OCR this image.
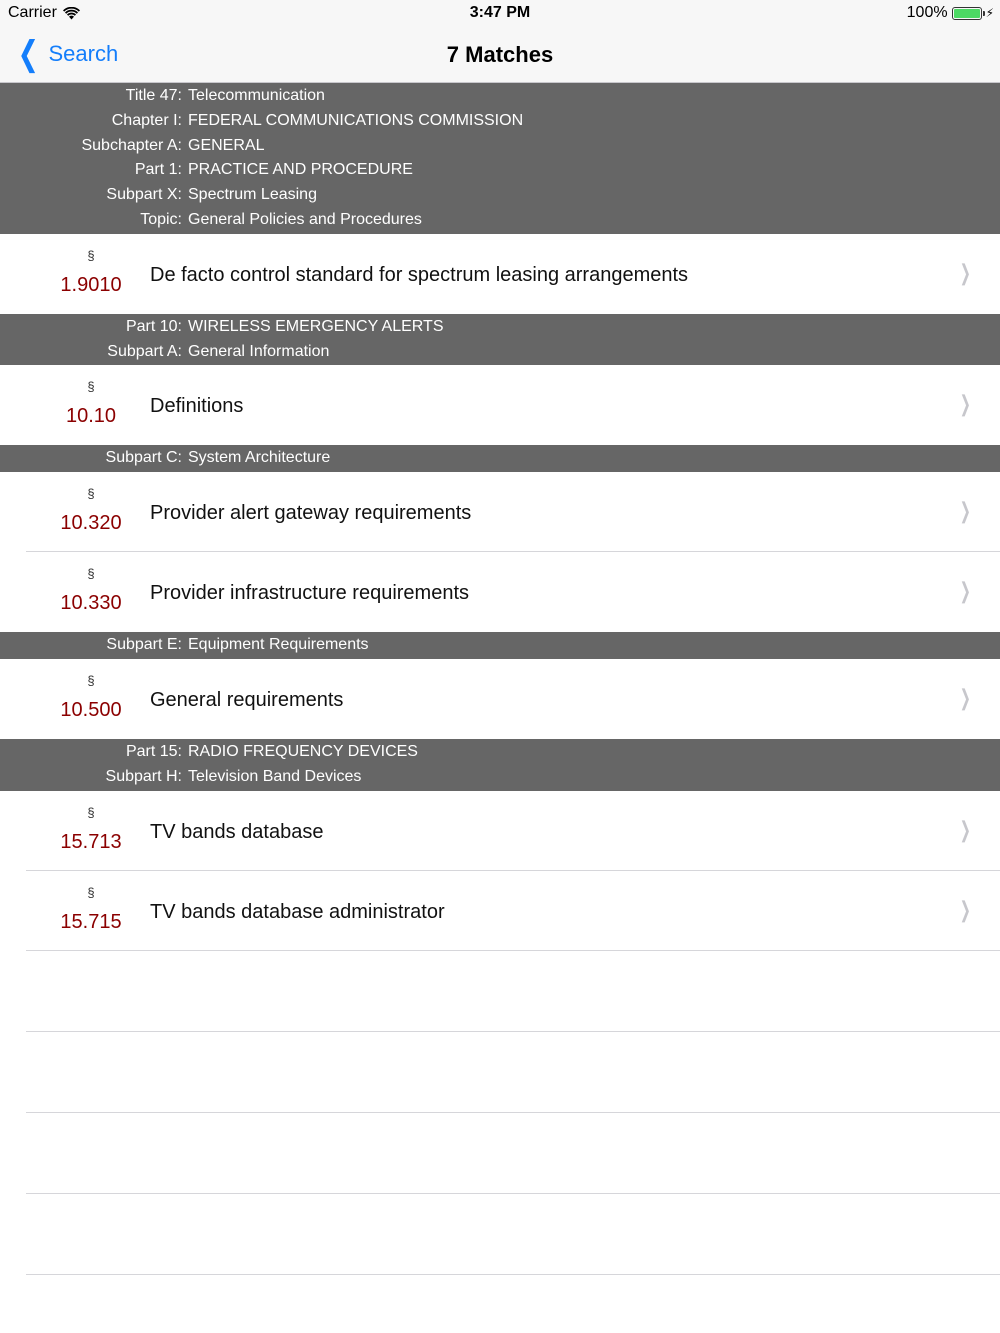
Carrier	3:47 PM	100%	⚡︎
❮ Search	7 Matches
Title 47: Telecommunication
Chapter I: FEDERAL COMMUNICATIONS COMMISSION
Subchapter A: GENERAL
Part 1: PRACTICE AND PROCEDURE
Subpart X: Spectrum Leasing
Topic: General Policies and Procedures
§
1.9010	De facto control standard for spectrum leasing arrangements	❯
Part 10: WIRELESS EMERGENCY ALERTS
Subpart A: General Information
§
10.10	Definitions	❯
Subpart C: System Architecture
§
10.320	Provider alert gateway requirements	❯
§
10.330	Provider infrastructure requirements	❯
Subpart E: Equipment Requirements
§
10.500	General requirements	❯
Part 15: RADIO FREQUENCY DEVICES
Subpart H: Television Band Devices
§
15.713	TV bands database	❯
§
15.715	TV bands database administrator	❯
